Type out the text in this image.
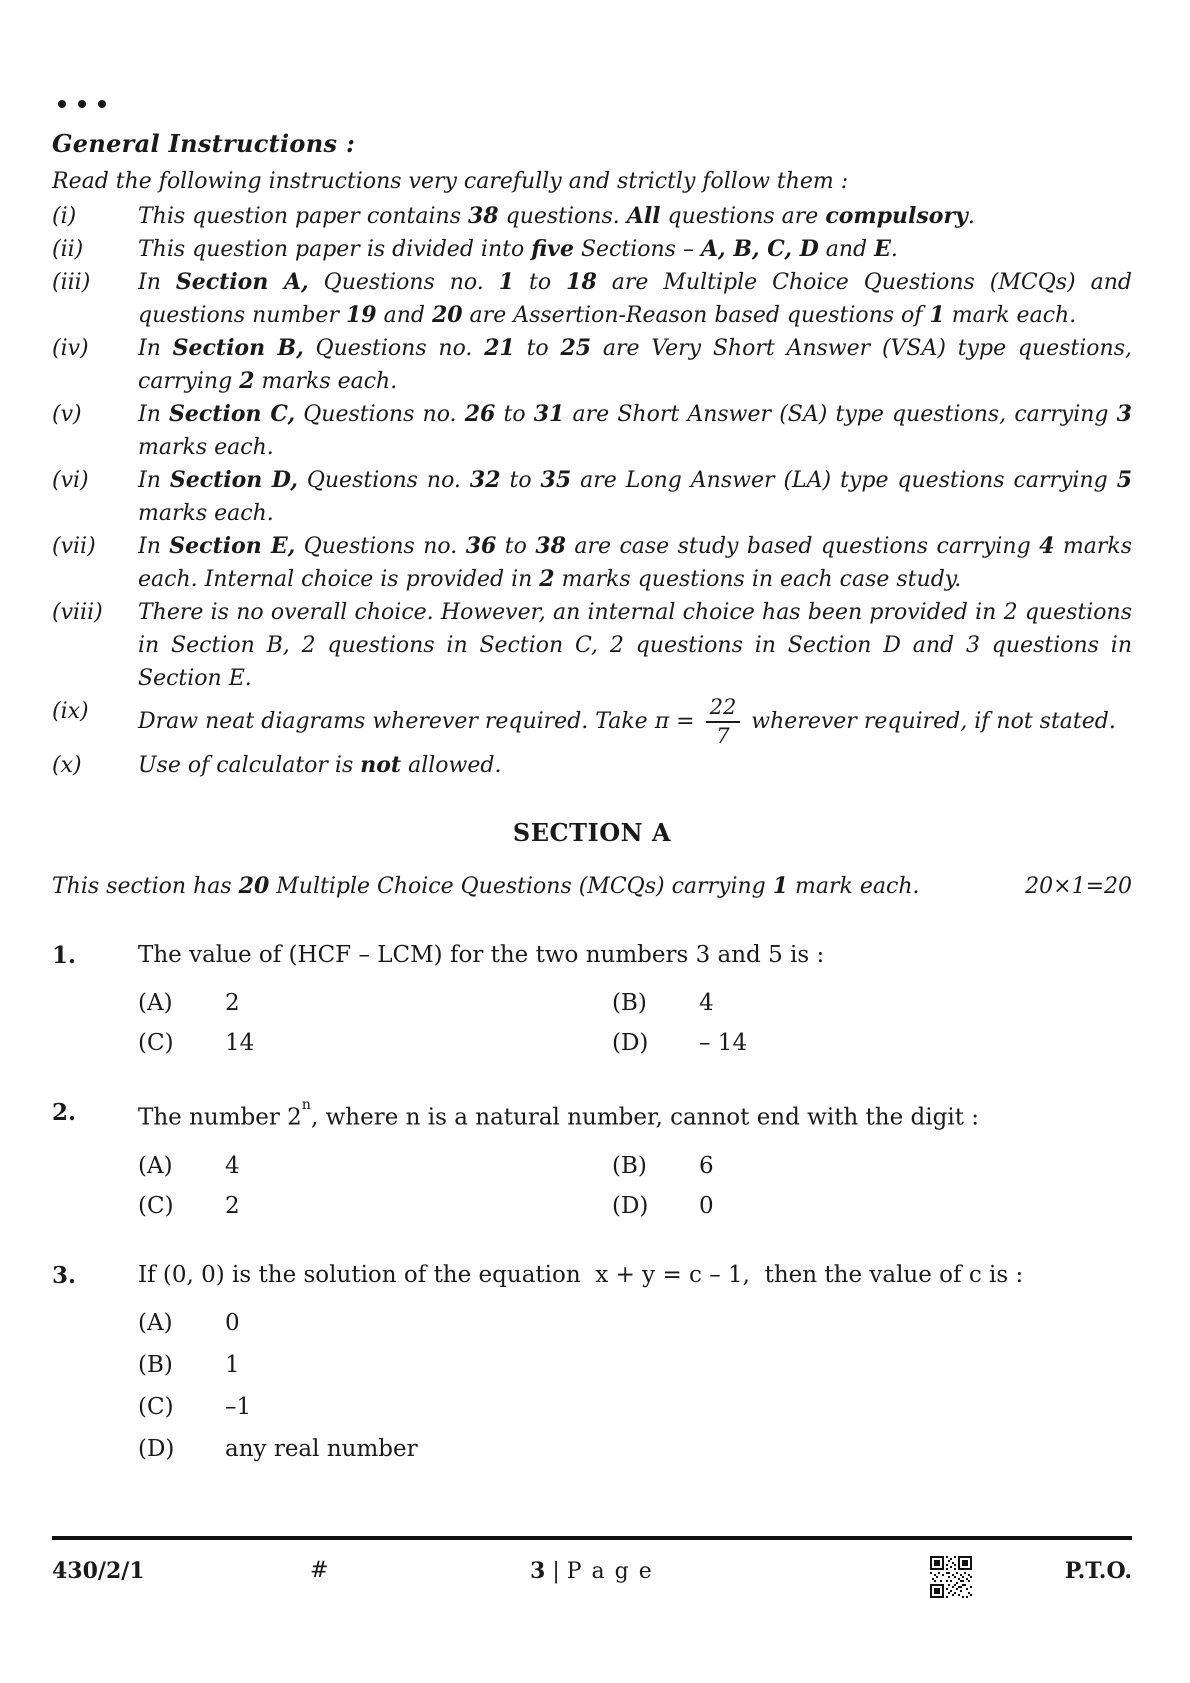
General Instructions :
Read the following instructions very carefully and strictly follow them :
(i)	This question paper contains 38 questions. All questions are compulsory.
(ii)	This question paper is divided into five Sections – A, B, C, D and E.
(iii)	In Section A, Questions no. 1 to 18 are Multiple Choice Questions (MCQs) and questions number 19 and 20 are Assertion-Reason based questions of 1 mark each.
(iv)	In Section B, Questions no. 21 to 25 are Very Short Answer (VSA) type questions, carrying 2 marks each.
(v)	In Section C, Questions no. 26 to 31 are Short Answer (SA) type questions, carrying 3 marks each.
(vi)	In Section D, Questions no. 32 to 35 are Long Answer (LA) type questions carrying 5 marks each.
(vii)	In Section E, Questions no. 36 to 38 are case study based questions carrying 4 marks each. Internal choice is provided in 2 marks questions in each case study.
(viii)	There is no overall choice. However, an internal choice has been provided in 2 questions in Section B, 2 questions in Section C, 2 questions in Section D and 3 questions in Section E.
(ix)	Draw neat diagrams wherever required. Take $\pi = \frac{22}{7}$ wherever required, if not stated.
(x)	Use of calculator is not allowed.
SECTION A
This section has 20 Multiple Choice Questions (MCQs) carrying 1 mark each.	20×1=20
1.	The value of (HCF – LCM) for the two numbers 3 and 5 is :
(A) 2	(B) 4
(C) 14	(D) – 14
2.	The number 2$^n$, where n is a natural number, cannot end with the digit :
(A) 4	(B) 6
(C) 2	(D) 0
3.	If (0, 0) is the solution of the equation  x + y = c – 1,  then the value of c is :
(A) 0
(B) 1
(C) –1
(D) any real number
430/2/1	#	3 | P a g e	P.T.O.
